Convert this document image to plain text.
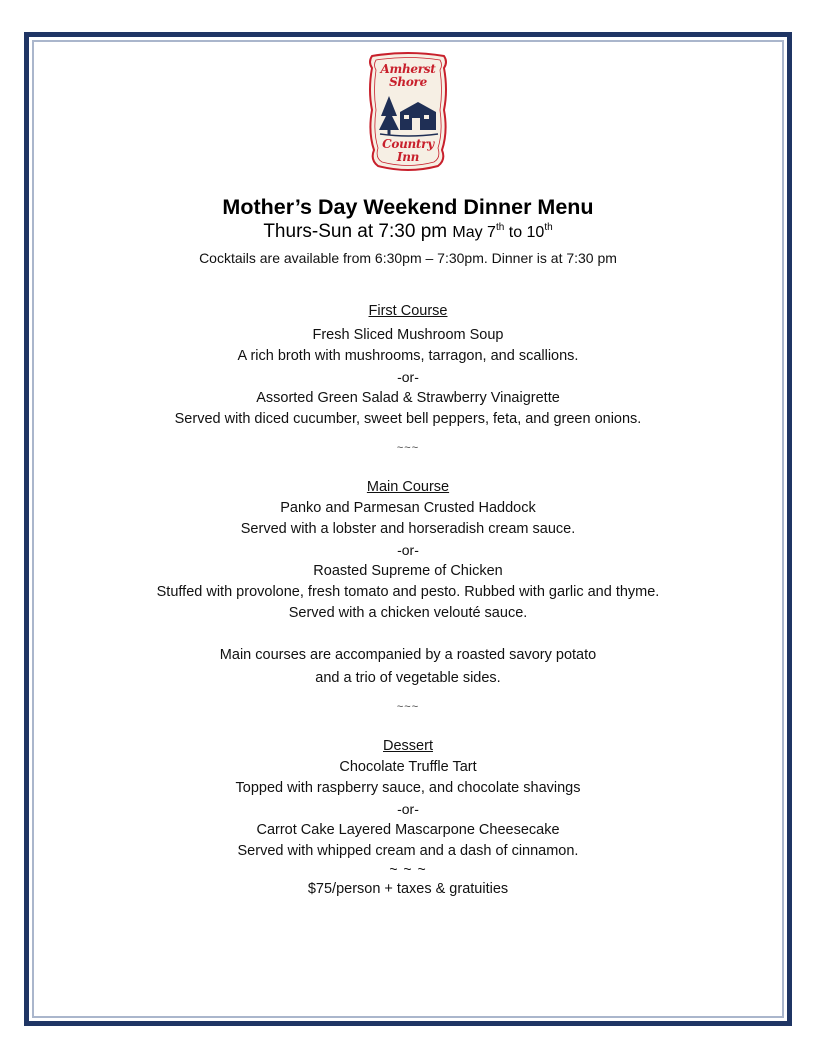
Amherst
Shore
Country
Inn
Mother’s Day Weekend Dinner Menu
Thurs-Sun at 7:30 pm May 7th to 10th
Cocktails are available from 6:30pm – 7:30pm. Dinner is at 7:30 pm
First Course
Fresh Sliced Mushroom Soup
A rich broth with mushrooms, tarragon, and scallions.
-or-
Assorted Green Salad & Strawberry Vinaigrette
Served with diced cucumber, sweet bell peppers, feta, and green onions.
~~~
Main Course
Panko and Parmesan Crusted Haddock
Served with a lobster and horseradish cream sauce.
-or-
Roasted Supreme of Chicken
Stuffed with provolone, fresh tomato and pesto. Rubbed with garlic and thyme.
Served with a chicken velouté sauce.
Main courses are accompanied by a roasted savory potato
and a trio of vegetable sides.
~~~
Dessert
Chocolate Truffle Tart
Topped with raspberry sauce, and chocolate shavings
-or-
Carrot Cake Layered Mascarpone Cheesecake
Served with whipped cream and a dash of cinnamon.
~ ~ ~
$75/person + taxes & gratuities
